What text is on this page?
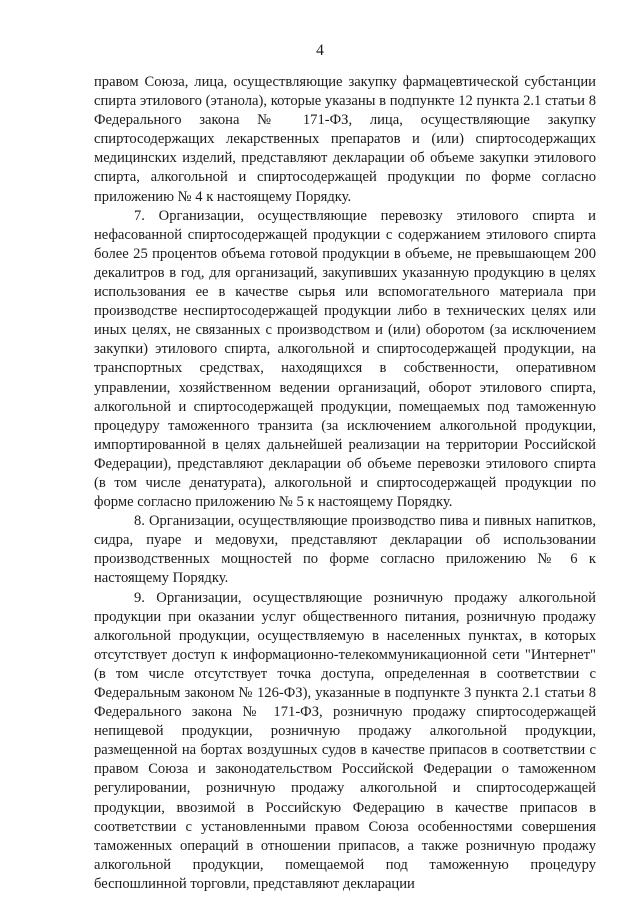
4

правом Союза, лица, осуществляющие закупку фармацевтической субстанции спирта этилового (этанола), которые указаны в подпункте 12 пункта 2.1 статьи 8 Федерального закона № 171-ФЗ, лица, осуществляющие закупку спиртосодержащих лекарственных препаратов и (или) спиртосодержащих медицинских изделий, представляют декларации об объеме закупки этилового спирта, алкогольной и спиртосодержащей продукции по форме согласно приложению № 4 к настоящему Порядку.

7. Организации, осуществляющие перевозку этилового спирта и нефасованной спиртосодержащей продукции с содержанием этилового спирта более 25 процентов объема готовой продукции в объеме, не превышающем 200 декалитров в год, для организаций, закупивших указанную продукцию в целях использования ее в качестве сырья или вспомогательного материала при производстве неспиртосодержащей продукции либо в технических целях или иных целях, не связанных с производством и (или) оборотом (за исключением закупки) этилового спирта, алкогольной и спиртосодержащей продукции, на транспортных средствах, находящихся в собственности, оперативном управлении, хозяйственном ведении организаций, оборот этилового спирта, алкогольной и спиртосодержащей продукции, помещаемых под таможенную процедуру таможенного транзита (за исключением алкогольной продукции, импортированной в целях дальнейшей реализации на территории Российской Федерации), представляют декларации об объеме перевозки этилового спирта (в том числе денатурата), алкогольной и спиртосодержащей продукции по форме согласно приложению № 5 к настоящему Порядку.

8. Организации, осуществляющие производство пива и пивных напитков, сидра, пуаре и медовухи, представляют декларации об использовании производственных мощностей по форме согласно приложению № 6 к настоящему Порядку.

9. Организации, осуществляющие розничную продажу алкогольной продукции при оказании услуг общественного питания, розничную продажу алкогольной продукции, осуществляемую в населенных пунктах, в которых отсутствует доступ к информационно-телекоммуникационной сети "Интернет" (в том числе отсутствует точка доступа, определенная в соответствии с Федеральным законом № 126-ФЗ), указанные в подпункте 3 пункта 2.1 статьи 8 Федерального закона № 171-ФЗ, розничную продажу спиртосодержащей непищевой продукции, розничную продажу алкогольной продукции, размещенной на бортах воздушных судов в качестве припасов в соответствии с правом Союза и законодательством Российской Федерации о таможенном регулировании, розничную продажу алкогольной и спиртосодержащей продукции, ввозимой в Российскую Федерацию в качестве припасов в соответствии с установленными правом Союза особенностями совершения таможенных операций в отношении припасов, а также розничную продажу алкогольной продукции, помещаемой под таможенную процедуру беспошлинной торговли, представляют декларации
